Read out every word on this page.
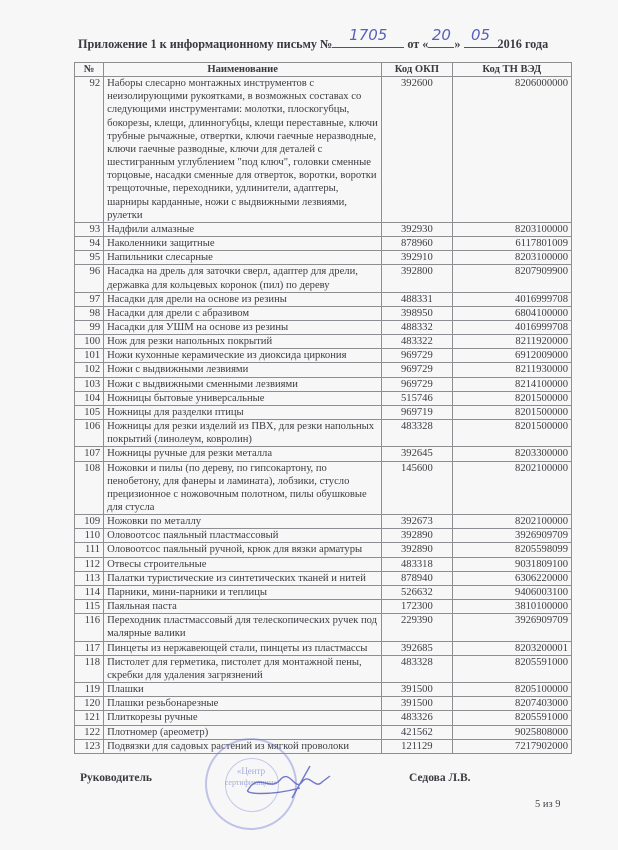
Приложение 1 к информационному письму №	1705	от « 20 » 05 2016 года
№	Наименование	Код ОКП	Код ТН ВЭД
92	Наборы слесарно монтажных инструментов с неизолирующими рукоятками, в возможных составах со следующими инструментами: молотки, плоскогубцы, бокорезы, клещи, длинногубцы, клещи переставные, ключи трубные рычажные, отвертки, ключи гаечные неразводные, ключи гаечные разводные, ключи для деталей с шестигранным углублением "под ключ", головки сменные торцовые, насадки сменные для отверток, воротки, воротки трещоточные, переходники, удлинители, адаптеры, шарниры карданные, ножи с выдвижными лезвиями, рулетки	392600	8206000000
93	Надфили алмазные	392930	8203100000
94	Наколенники защитные	878960	6117801009
95	Напильники слесарные	392910	8203100000
96	Насадка на дрель для заточки сверл, адаптер для дрели, державка для кольцевых коронок (пил) по дереву	392800	8207909900
97	Насадки для дрели на основе из резины	488331	4016999708
98	Насадки для дрели с абразивом	398950	6804100000
99	Насадки для УШМ на основе из резины	488332	4016999708
100	Нож для резки напольных покрытий	483322	8211920000
101	Ножи кухонные керамические из диоксида циркония	969729	6912009000
102	Ножи с выдвижными лезвиями	969729	8211930000
103	Ножи с выдвижными сменными лезвиями	969729	8214100000
104	Ножницы бытовые универсальные	515746	8201500000
105	Ножницы для разделки птицы	969719	8201500000
106	Ножницы для резки изделий из ПВХ, для резки напольных покрытий (линолеум, ковролин)	483328	8201500000
107	Ножницы ручные для резки металла	392645	8203300000
108	Ножовки и пилы (по дереву, по гипсокартону, по пенобетону, для фанеры и ламината), лобзики, стусло прецизионное с ножовочным полотном, пилы обушковые для стусла	145600	8202100000
109	Ножовки по металлу	392673	8202100000
110	Оловоотсос паяльный пластмассовый	392890	3926909709
111	Оловоотсос паяльный ручной, крюк для вязки арматуры	392890	8205598099
112	Отвесы строительные	483318	9031809100
113	Палатки туристические из синтетических тканей и нитей	878940	6306220000
114	Парники, мини-парники и теплицы	526632	9406003100
115	Паяльная паста	172300	3810100000
116	Переходник пластмассовый для телескопических ручек под малярные валики	229390	3926909709
117	Пинцеты из нержавеющей стали, пинцеты из пластмассы	392685	8203200001
118	Пистолет для герметика, пистолет для монтажной пены, скребки для удаления загрязнений	483328	8205591000
119	Плашки	391500	8205100000
120	Плашки резьбонарезные	391500	8207403000
121	Плиткорезы ручные	483326	8205591000
122	Плотномер (ареометр)	421562	9025808000
123	Подвязки для садовых растений из мягкой проволоки	121129	7217902000
«Центр
сертификации»
Руководитель	Седова Л.В.
5 из 9
